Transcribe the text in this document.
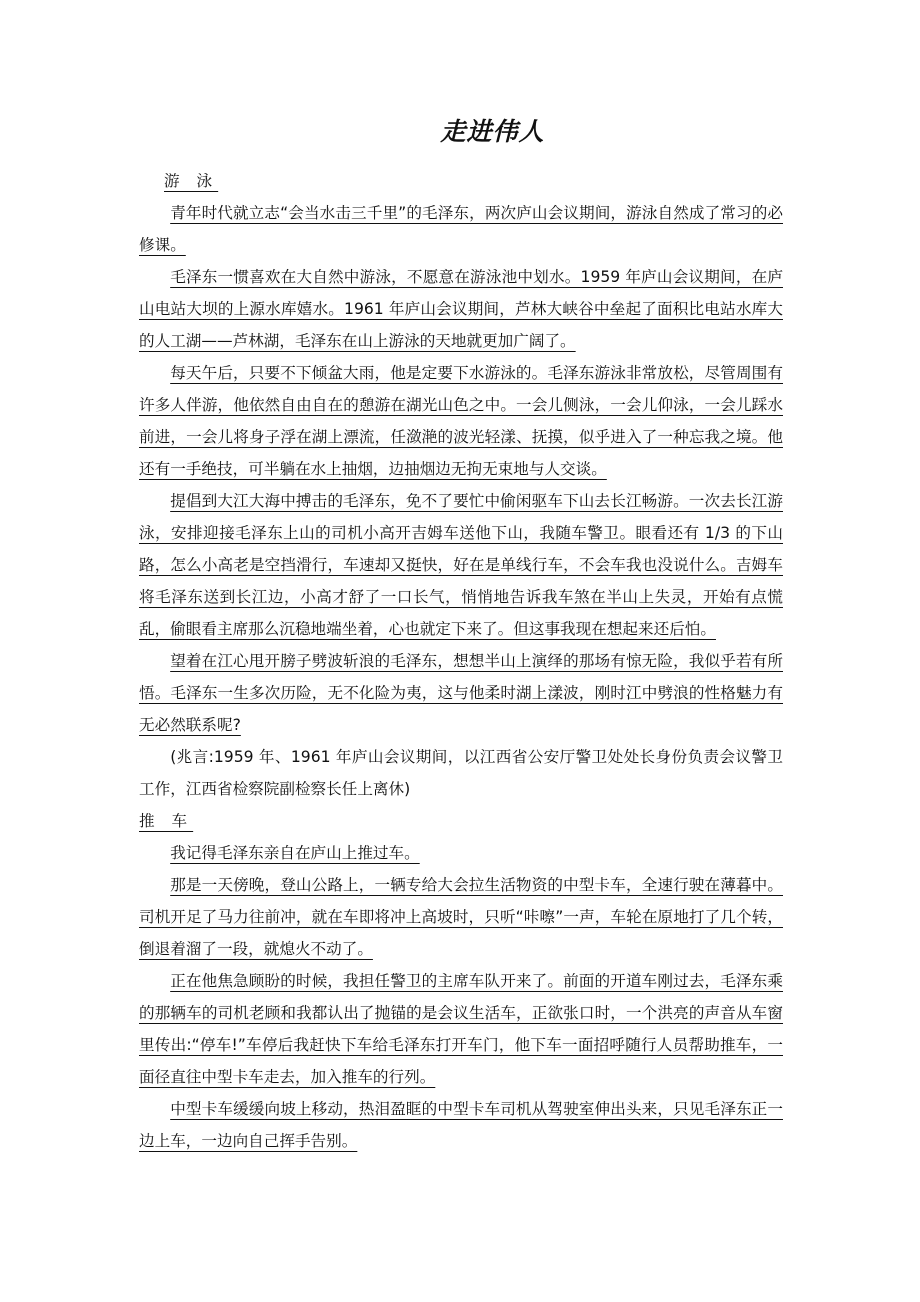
走进伟人

游 泳

青年时代就立志“会当水击三千里”的毛泽东，两次庐山会议期间，游泳自然成了常习的必修课。

毛泽东一惯喜欢在大自然中游泳，不愿意在游泳池中划水。1959 年庐山会议期间，在庐山电站大坝的上源水库嬉水。1961 年庐山会议期间，芦林大峡谷中垒起了面积比电站水库大的人工湖——芦林湖，毛泽东在山上游泳的天地就更加广阔了。

每天午后，只要不下倾盆大雨，他是定要下水游泳的。毛泽东游泳非常放松，尽管周围有许多人伴游，他依然自由自在的憩游在湖光山色之中。一会儿侧泳，一会儿仰泳，一会儿踩水前进，一会儿将身子浮在湖上漂流，任潋滟的波光轻漾、抚摸，似乎进入了一种忘我之境。他还有一手绝技，可半躺在水上抽烟，边抽烟边无拘无束地与人交谈。

提倡到大江大海中搏击的毛泽东，免不了要忙中偷闲驱车下山去长江畅游。一次去长江游泳，安排迎接毛泽东上山的司机小高开吉姆车送他下山，我随车警卫。眼看还有 1/3 的下山路，怎么小高老是空挡滑行，车速却又挺快，好在是单线行车，不会车我也没说什么。吉姆车将毛泽东送到长江边，小高才舒了一口长气，悄悄地告诉我车煞在半山上失灵，开始有点慌乱，偷眼看主席那么沉稳地端坐着，心也就定下来了。但这事我现在想起来还后怕。

望着在江心甩开膀子劈波斩浪的毛泽东，想想半山上演绎的那场有惊无险，我似乎若有所悟。毛泽东一生多次历险，无不化险为夷，这与他柔时湖上漾波，刚时江中劈浪的性格魅力有无必然联系呢?

(兆言:1959 年、1961 年庐山会议期间，以江西省公安厅警卫处处长身份负责会议警卫工作，江西省检察院副检察长任上离休)

推 车

我记得毛泽东亲自在庐山上推过车。

那是一天傍晚，登山公路上，一辆专给大会拉生活物资的中型卡车，全速行驶在薄暮中。司机开足了马力往前冲，就在车即将冲上高坡时，只听“咔嚓”一声，车轮在原地打了几个转，倒退着溜了一段，就熄火不动了。

正在他焦急顾盼的时候，我担任警卫的主席车队开来了。前面的开道车刚过去，毛泽东乘的那辆车的司机老顾和我都认出了抛锚的是会议生活车，正欲张口时，一个洪亮的声音从车窗里传出:“停车!”车停后我赶快下车给毛泽东打开车门，他下车一面招呼随行人员帮助推车，一面径直往中型卡车走去，加入推车的行列。

中型卡车缓缓向坡上移动，热泪盈眶的中型卡车司机从驾驶室伸出头来，只见毛泽东正一边上车，一边向自己挥手告别。
